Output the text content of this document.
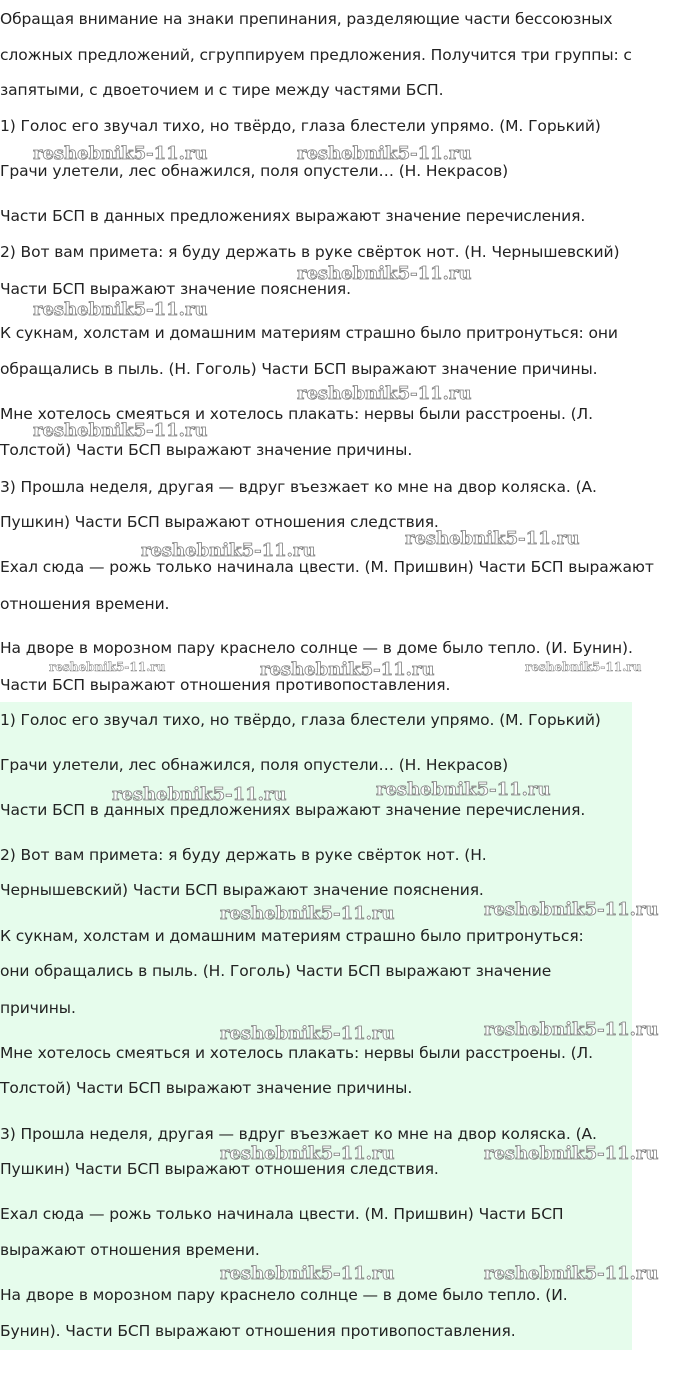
Обращая внимание на знаки препинания, разделяющие части бессоюзных
сложных предложений, сгруппируем предложения. Получится три группы: с
запятыми, с двоеточием и с тире между частями БСП.
1) Голос его звучал тихо, но твёрдо, глаза блестели упрямо. (М. Горький)
Грачи улетели, лес обнажился, поля опустели… (Н. Некрасов)
Части БСП в данных предложениях выражают значение перечисления.
2) Вот вам примета: я буду держать в руке свёрток нот. (Н. Чернышевский)
Части БСП выражают значение пояснения.
К сукнам, холстам и домашним материям страшно было притронуться: они
обращались в пыль. (Н. Гоголь) Части БСП выражают значение причины.
Мне хотелось смеяться и хотелось плакать: нервы были расстроены. (Л.
Толстой) Части БСП выражают значение причины.
3) Прошла неделя, другая — вдруг въезжает ко мне на двор коляска. (А.
Пушкин) Части БСП выражают отношения следствия.
Ехал сюда — рожь только начинала цвести. (М. Пришвин) Части БСП выражают
отношения времени.
На дворе в морозном пару краснело солнце — в доме было тепло. (И. Бунин).
Части БСП выражают отношения противопоставления.
1) Голос его звучал тихо, но твёрдо, глаза блестели упрямо. (М. Горький)
Грачи улетели, лес обнажился, поля опустели… (Н. Некрасов)
Части БСП в данных предложениях выражают значение перечисления.
2) Вот вам примета: я буду держать в руке свёрток нот. (Н.
Чернышевский) Части БСП выражают значение пояснения.
К сукнам, холстам и домашним материям страшно было притронуться:
они обращались в пыль. (Н. Гоголь) Части БСП выражают значение
причины.
Мне хотелось смеяться и хотелось плакать: нервы были расстроены. (Л.
Толстой) Части БСП выражают значение причины.
3) Прошла неделя, другая — вдруг въезжает ко мне на двор коляска. (А.
Пушкин) Части БСП выражают отношения следствия.
Ехал сюда — рожь только начинала цвести. (М. Пришвин) Части БСП
выражают отношения времени.
На дворе в морозном пару краснело солнце — в доме было тепло. (И.
Бунин). Части БСП выражают отношения противопоставления.
reshebnik5-11.ru	reshebnik5-11.ru
reshebnik5-11.ru
reshebnik5-11.ru
reshebnik5-11.ru
reshebnik5-11.ru
reshebnik5-11.ru
reshebnik5-11.ru
reshebnik5-11.ru	reshebnik5-11.ru	reshebnik5-11.ru
reshebnik5-11.ru
reshebnik5-11.ru
reshebnik5-11.ru
reshebnik5-11.ru
reshebnik5-11.ru
reshebnik5-11.ru
reshebnik5-11.ru	reshebnik5-11.ru
reshebnik5-11.ru	reshebnik5-11.ru
